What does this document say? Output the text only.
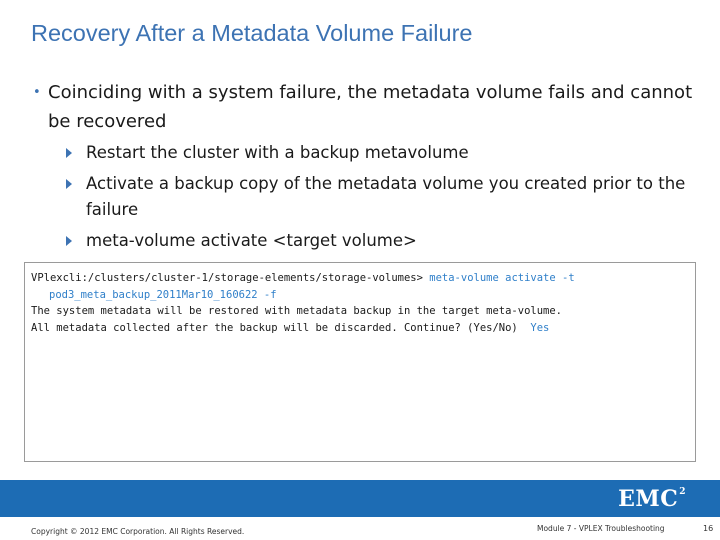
Recovery After a Metadata Volume Failure
• Coinciding with a system failure, the metadata volume fails and cannot be recovered
Restart the cluster with a backup metavolume
Activate a backup copy of the metadata volume you created prior to the failure
meta-volume activate <target volume>
VPlexcli:/clusters/cluster-1/storage-elements/storage-volumes> meta-volume activate -t
pod3_meta_backup_2011Mar10_160622 -f
The system metadata will be restored with metadata backup in the target meta-volume.
All metadata collected after the backup will be discarded. Continue? (Yes/No)  Yes
EMC$^2$
Copyright © 2012 EMC Corporation. All Rights Reserved.	Module 7 - VPLEX Troubleshooting	16
